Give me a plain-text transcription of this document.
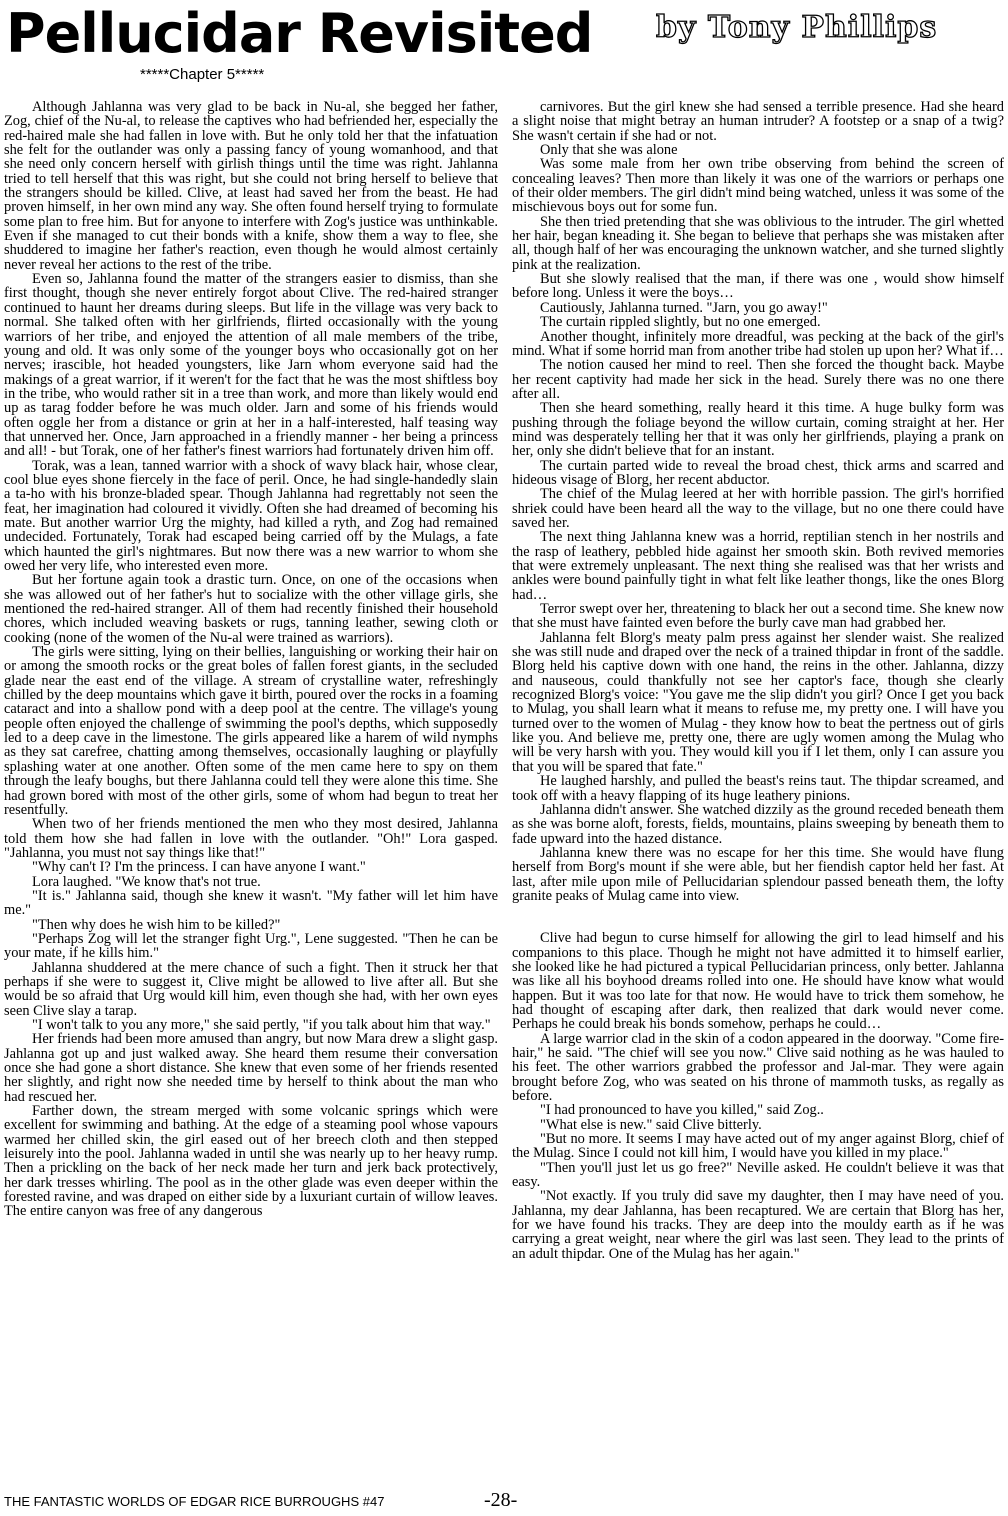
Pellucidar Revisited by Tony Phillips
*****Chapter 5*****

Although Jahlanna was very glad to be back in Nu-al, she begged her father, Zog, chief of the Nu-al, to release the captives who had befriended her, especially the red-haired male she had fallen in love with. But he only told her that the infatuation she felt for the outlander was only a passing fancy of young womanhood, and that she need only concern herself with girlish things until the time was right. Jahlanna tried to tell herself that this was right, but she could not bring herself to believe that the strangers should be killed. Clive, at least had saved her from the beast. He had proven himself, in her own mind any way. She often found herself trying to formulate some plan to free him. But for anyone to interfere with Zog's justice was unthinkable. Even if she managed to cut their bonds with a knife, show them a way to flee, she shuddered to imagine her father's reaction, even though he would almost certainly never reveal her actions to the rest of the tribe.

Even so, Jahlanna found the matter of the strangers easier to dismiss, than she first thought, though she never entirely forgot about Clive. The red-haired stranger continued to haunt her dreams during sleeps. But life in the village was very back to normal. She talked often with her girlfriends, flirted occasionally with the young warriors of her tribe, and enjoyed the attention of all male members of the tribe, young and old. It was only some of the younger boys who occasionally got on her nerves; irascible, hot headed youngsters, like Jarn whom everyone said had the makings of a great warrior, if it weren't for the fact that he was the most shiftless boy in the tribe, who would rather sit in a tree than work, and more than likely would end up as tarag fodder before he was much older. Jarn and some of his friends would often oggle her from a distance or grin at her in a half-interested, half teasing way that unnerved her. Once, Jarn approached in a friendly manner - her being a princess and all! - but Torak, one of her father's finest warriors had fortunately driven him off.

Torak, was a lean, tanned warrior with a shock of wavy black hair, whose clear, cool blue eyes shone fiercely in the face of peril. Once, he had single-handedly slain a ta-ho with his bronze-bladed spear. Though Jahlanna had regrettably not seen the feat, her imagination had coloured it vividly. Often she had dreamed of becoming his mate. But another warrior Urg the mighty, had killed a ryth, and Zog had remained undecided. Fortunately, Torak had escaped being carried off by the Mulags, a fate which haunted the girl's nightmares. But now there was a new warrior to whom she owed her very life, who interested even more.

But her fortune again took a drastic turn. Once, on one of the occasions when she was allowed out of her father's hut to socialize with the other village girls, she mentioned the red-haired stranger. All of them had recently finished their household chores, which included weaving baskets or rugs, tanning leather, sewing cloth or cooking (none of the women of the Nu-al were trained as warriors).

The girls were sitting, lying on their bellies, languishing or working their hair on or among the smooth rocks or the great boles of fallen forest giants, in the secluded glade near the east end of the village. A stream of crystalline water, refreshingly chilled by the deep mountains which gave it birth, poured over the rocks in a foaming cataract and into a shallow pond with a deep pool at the centre. The village's young people often enjoyed the challenge of swimming the pool's depths, which supposedly led to a deep cave in the limestone. The girls appeared like a harem of wild nymphs as they sat carefree, chatting among themselves, occasionally laughing or playfully splashing water at one another. Often some of the men came here to spy on them through the leafy boughs, but there Jahlanna could tell they were alone this time. She had grown bored with most of the other girls, some of whom had begun to treat her resentfully.

When two of her friends mentioned the men who they most desired, Jahlanna told them how she had fallen in love with the outlander. "Oh!" Lora gasped. "Jahlanna, you must not say things like that!"

"Why can't I? I'm the princess. I can have anyone I want."

Lora laughed. "We know that's not true.

"It is." Jahlanna said, though she knew it wasn't. "My father will let him have me."

"Then why does he wish him to be killed?"

"Perhaps Zog will let the stranger fight Urg.", Lene suggested. "Then he can be your mate, if he kills him."

Jahlanna shuddered at the mere chance of such a fight. Then it struck her that perhaps if she were to suggest it, Clive might be allowed to live after all. But she would be so afraid that Urg would kill him, even though she had, with her own eyes seen Clive slay a tarap.

"I won't talk to you any more," she said pertly, "if you talk about him that way."

Her friends had been more amused than angry, but now Mara drew a slight gasp. Jahlanna got up and just walked away. She heard them resume their conversation once she had gone a short distance. She knew that even some of her friends resented her slightly, and right now she needed time by herself to think about the man who had rescued her.

Farther down, the stream merged with some volcanic springs which were excellent for swimming and bathing. At the edge of a steaming pool whose vapours warmed her chilled skin, the girl eased out of her breech cloth and then stepped leisurely into the pool. Jahlanna waded in until she was nearly up to her heavy rump. Then a prickling on the back of her neck made her turn and jerk back protectively, her dark tresses whirling. The pool as in the other glade was even deeper within the forested ravine, and was draped on either side by a luxuriant curtain of willow leaves. The entire canyon was free of any dangerous

carnivores. But the girl knew she had sensed a terrible presence. Had she heard a slight noise that might betray an human intruder? A footstep or a snap of a twig? She wasn't certain if she had or not.

Only that she was alone

Was some male from her own tribe observing from behind the screen of concealing leaves? Then more than likely it was one of the warriors or perhaps one of their older members. The girl didn't mind being watched, unless it was some of the mischievous boys out for some fun.

She then tried pretending that she was oblivious to the intruder. The girl whetted her hair, began kneading it. She began to believe that perhaps she was mistaken after all, though half of her was encouraging the unknown watcher, and she turned slightly pink at the realization.

But she slowly realised that the man, if there was one , would show himself before long. Unless it were the boys…

Cautiously, Jahlanna turned. "Jarn, you go away!"

The curtain rippled slightly, but no one emerged.

Another thought, infinitely more dreadful, was pecking at the back of the girl's mind. What if some horrid man from another tribe had stolen up upon her? What if…

The notion caused her mind to reel. Then she forced the thought back. Maybe her recent captivity had made her sick in the head. Surely there was no one there after all.

Then she heard something, really heard it this time. A huge bulky form was pushing through the foliage beyond the willow curtain, coming straight at her. Her mind was desperately telling her that it was only her girlfriends, playing a prank on her, only she didn't believe that for an instant.

The curtain parted wide to reveal the broad chest, thick arms and scarred and hideous visage of Blorg, her recent abductor.

The chief of the Mulag leered at her with horrible passion. The girl's horrified shriek could have been heard all the way to the village, but no one there could have saved her.

The next thing Jahlanna knew was a horrid, reptilian stench in her nostrils and the rasp of leathery, pebbled hide against her smooth skin. Both revived memories that were extremely unpleasant. The next thing she realised was that her wrists and ankles were bound painfully tight in what felt like leather thongs, like the ones Blorg had…

Terror swept over her, threatening to black her out a second time. She knew now that she must have fainted even before the burly cave man had grabbed her.

Jahlanna felt Blorg's meaty palm press against her slender waist. She realized she was still nude and draped over the neck of a trained thipdar in front of the saddle. Blorg held his captive down with one hand, the reins in the other. Jahlanna, dizzy and nauseous, could thankfully not see her captor's face, though she clearly recognized Blorg's voice: "You gave me the slip didn't you girl? Once I get you back to Mulag, you shall learn what it means to refuse me, my pretty one. I will have you turned over to the women of Mulag - they know how to beat the pertness out of girls like you. And believe me, pretty one, there are ugly women among the Mulag who will be very harsh with you. They would kill you if I let them, only I can assure you that you will be spared that fate."

He laughed harshly, and pulled the beast's reins taut. The thipdar screamed, and took off with a heavy flapping of its huge leathery pinions.

Jahlanna didn't answer. She watched dizzily as the ground receded beneath them as she was borne aloft, forests, fields, mountains, plains sweeping by beneath them to fade upward into the hazed distance.

Jahlanna knew there was no escape for her this time. She would have flung herself from Borg's mount if she were able, but her fiendish captor held her fast. At last, after mile upon mile of Pellucidarian splendour passed beneath them, the lofty granite peaks of Mulag came into view.

Clive had begun to curse himself for allowing the girl to lead himself and his companions to this place. Though he might not have admitted it to himself earlier, she looked like he had pictured a typical Pellucidarian princess, only better. Jahlanna was like all his boyhood dreams rolled into one. He should have know what would happen. But it was too late for that now. He would have to trick them somehow, he had thought of escaping after dark, then realized that dark would never come. Perhaps he could break his bonds somehow, perhaps he could…

A large warrior clad in the skin of a codon appeared in the doorway. "Come fire-hair," he said. "The chief will see you now." Clive said nothing as he was hauled to his feet. The other warriors grabbed the professor and Jal-mar. They were again brought before Zog, who was seated on his throne of mammoth tusks, as regally as before.

"I had pronounced to have you killed," said Zog..

"What else is new." said Clive bitterly.

"But no more. It seems I may have acted out of my anger against Blorg, chief of the Mulag. Since I could not kill him, I would have you killed in my place."

"Then you'll just let us go free?" Neville asked. He couldn't believe it was that easy.

"Not exactly. If you truly did save my daughter, then I may have need of you. Jahlanna, my dear Jahlanna, has been recaptured. We are certain that Blorg has her, for we have found his tracks. They are deep into the mouldy earth as if he was carrying a great weight, near where the girl was last seen. They lead to the prints of an adult thipdar. One of the Mulag has her again."

THE FANTASTIC WORLDS OF EDGAR RICE BURROUGHS #47	-28-
